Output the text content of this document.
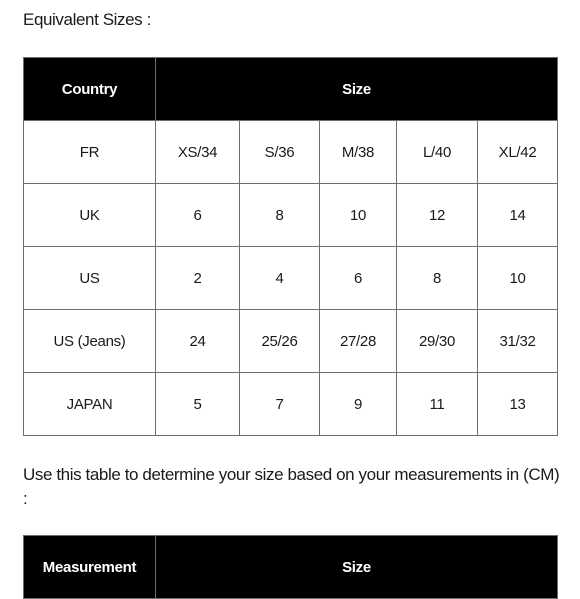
Equivalent Sizes :
Country	Size				
FR	XS/34	S/36	M/38	L/40	XL/42
UK	6	8	10	12	14
US	2	4	6	8	10
US (Jeans)	24	25/26	27/28	29/30	31/32
JAPAN	5	7	9	11	13
Use this table to determine your size based on your measurements in (CM) :
Measurement	Size
